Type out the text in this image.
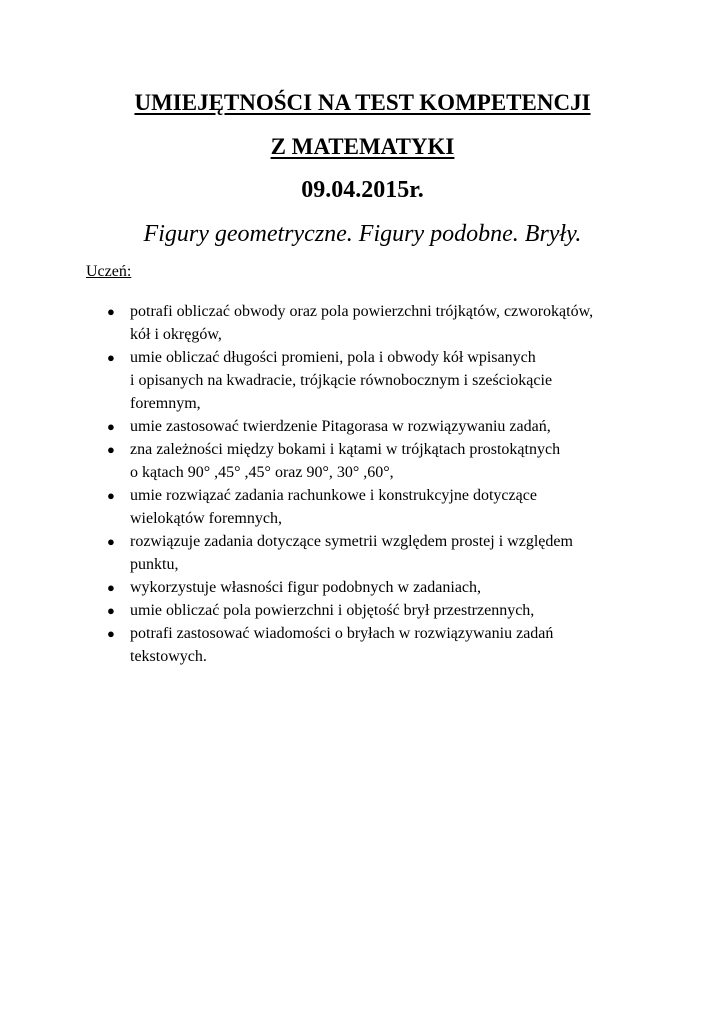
UMIEJĘTNOŚCI NA TEST KOMPETENCJI
Z MATEMATYKI
09.04.2015r.
Figury geometryczne. Figury podobne. Bryły.
Uczeń:
● potrafi obliczać obwody oraz pola powierzchni trójkątów, czworokątów,
kół i okręgów,
● umie obliczać długości promieni, pola i obwody kół wpisanych
i opisanych na kwadracie, trójkącie równobocznym i sześciokącie
foremnym,
● umie zastosować twierdzenie Pitagorasa w rozwiązywaniu zadań,
● zna zależności między bokami i kątami w trójkątach prostokątnych
o kątach 90° ,45° ,45° oraz 90°, 30° ,60°,
● umie rozwiązać zadania rachunkowe i konstrukcyjne dotyczące
wielokątów foremnych,
● rozwiązuje zadania dotyczące symetrii względem prostej i względem
punktu,
● wykorzystuje własności figur podobnych w zadaniach,
● umie obliczać pola powierzchni i objętość brył przestrzennych,
● potrafi zastosować wiadomości o bryłach w rozwiązywaniu zadań
tekstowych.
